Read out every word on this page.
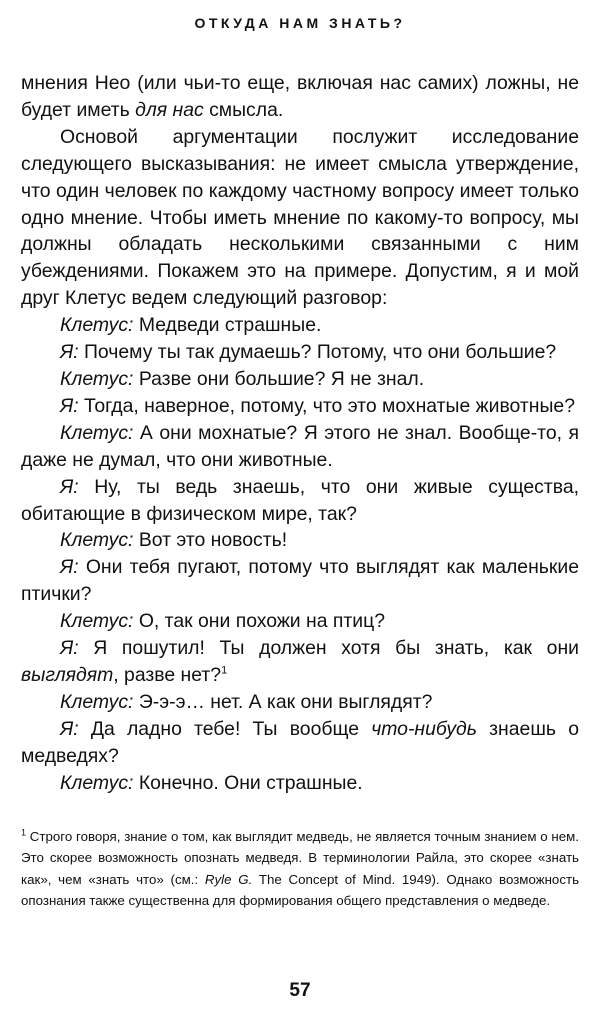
ОТКУДА НАМ ЗНАТЬ?

мнения Нео (или чьи-то еще, включая нас самих) ложны, не будет иметь для нас смысла.

Основой аргументации послужит исследование следующего высказывания: не имеет смысла утверждение, что один человек по каждому частному вопросу имеет только одно мнение. Чтобы иметь мнение по какому-то вопросу, мы должны обладать несколькими связанными с ним убеждениями. Покажем это на примере. Допустим, я и мой друг Клетус ведем следующий разговор:

Клетус: Медведи страшные.

Я: Почему ты так думаешь? Потому, что они большие?

Клетус: Разве они большие? Я не знал.

Я: Тогда, наверное, потому, что это мохнатые животные?

Клетус: А они мохнатые? Я этого не знал. Вообще-то, я даже не думал, что они животные.

Я: Ну, ты ведь знаешь, что они живые существа, обитающие в физическом мире, так?

Клетус: Вот это новость!

Я: Они тебя пугают, потому что выглядят как маленькие птички?

Клетус: О, так они похожи на птиц?

Я: Я пошутил! Ты должен хотя бы знать, как они выглядят, разве нет?$^1$

Клетус: Э-э-э… нет. А как они выглядят?

Я: Да ладно тебе! Ты вообще что-нибудь знаешь о медведях?

Клетус: Конечно. Они страшные.

$^1$ Строго говоря, знание о том, как выглядит медведь, не является точным знанием о нем. Это скорее возможность опознать медведя. В терминологии Райла, это скорее «знать как», чем «знать что» (см.: Ryle G. The Concept of Mind. 1949). Однако возможность опознания также существенна для формирования общего представления о медведе.
57
